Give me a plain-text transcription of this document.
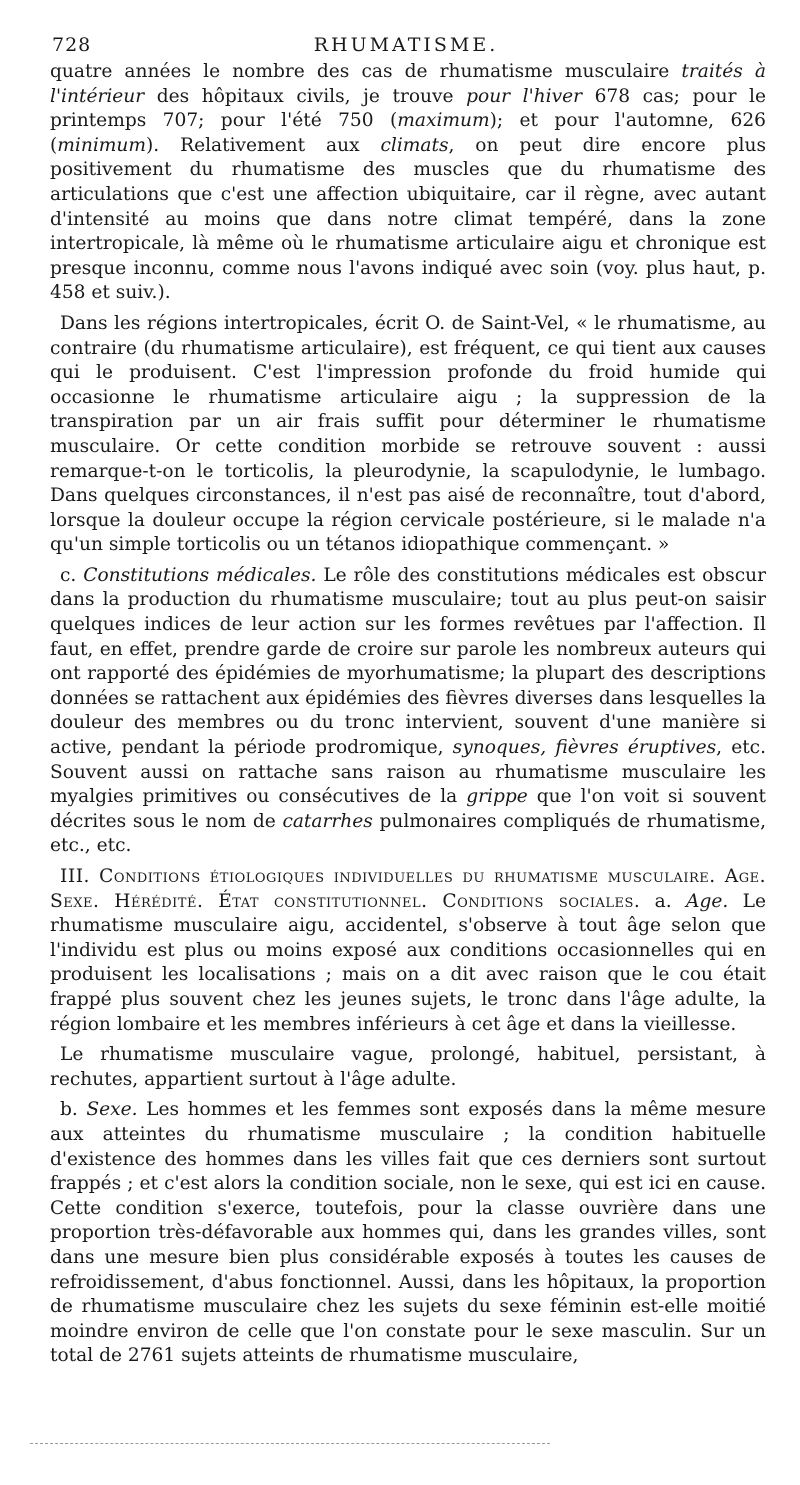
728	RHUMATISME.

quatre années le nombre des cas de rhumatisme musculaire traités à l'intérieur des hôpitaux civils, je trouve pour l'hiver 678 cas; pour le printemps 707; pour l'été 750 (maximum); et pour l'automne, 626 (minimum). Relativement aux climats, on peut dire encore plus positivement du rhumatisme des muscles que du rhumatisme des articulations que c'est une affection ubiquitaire, car il règne, avec autant d'intensité au moins que dans notre climat tempéré, dans la zone intertropicale, là même où le rhumatisme articulaire aigu et chronique est presque inconnu, comme nous l'avons indiqué avec soin (voy. plus haut, p. 458 et suiv.).

Dans les régions intertropicales, écrit O. de Saint-Vel, « le rhumatisme, au contraire (du rhumatisme articulaire), est fréquent, ce qui tient aux causes qui le produisent. C'est l'impression profonde du froid humide qui occasionne le rhumatisme articulaire aigu ; la suppression de la transpiration par un air frais suffit pour déterminer le rhumatisme musculaire. Or cette condition morbide se retrouve souvent : aussi remarque-t-on le torticolis, la pleurodynie, la scapulodynie, le lumbago. Dans quelques circonstances, il n'est pas aisé de reconnaître, tout d'abord, lorsque la douleur occupe la région cervicale postérieure, si le malade n'a qu'un simple torticolis ou un tétanos idiopathique commençant. »

c. Constitutions médicales. Le rôle des constitutions médicales est obscur dans la production du rhumatisme musculaire; tout au plus peut-on saisir quelques indices de leur action sur les formes revêtues par l'affection. Il faut, en effet, prendre garde de croire sur parole les nombreux auteurs qui ont rapporté des épidémies de myorhumatisme; la plupart des descriptions données se rattachent aux épidémies des fièvres diverses dans lesquelles la douleur des membres ou du tronc intervient, souvent d'une manière si active, pendant la période prodromique, synoques, fièvres éruptives, etc. Souvent aussi on rattache sans raison au rhumatisme musculaire les myalgies primitives ou consécutives de la grippe que l'on voit si souvent décrites sous le nom de catarrhes pulmonaires compliqués de rhumatisme, etc., etc.

III. Conditions étiologiques individuelles du rhumatisme musculaire. Age. Sexe. Hérédité. État constitutionnel. Conditions sociales. a. Age. Le rhumatisme musculaire aigu, accidentel, s'observe à tout âge selon que l'individu est plus ou moins exposé aux conditions occasionnelles qui en produisent les localisations ; mais on a dit avec raison que le cou était frappé plus souvent chez les jeunes sujets, le tronc dans l'âge adulte, la région lombaire et les membres inférieurs à cet âge et dans la vieillesse.

Le rhumatisme musculaire vague, prolongé, habituel, persistant, à rechutes, appartient surtout à l'âge adulte.

b. Sexe. Les hommes et les femmes sont exposés dans la même mesure aux atteintes du rhumatisme musculaire ; la condition habituelle d'existence des hommes dans les villes fait que ces derniers sont surtout frappés ; et c'est alors la condition sociale, non le sexe, qui est ici en cause. Cette condition s'exerce, toutefois, pour la classe ouvrière dans une proportion très-défavorable aux hommes qui, dans les grandes villes, sont dans une mesure bien plus considérable exposés à toutes les causes de refroidissement, d'abus fonctionnel. Aussi, dans les hôpitaux, la proportion de rhumatisme musculaire chez les sujets du sexe féminin est-elle moitié moindre environ de celle que l'on constate pour le sexe masculin. Sur un total de 2761 sujets atteints de rhumatisme musculaire,
